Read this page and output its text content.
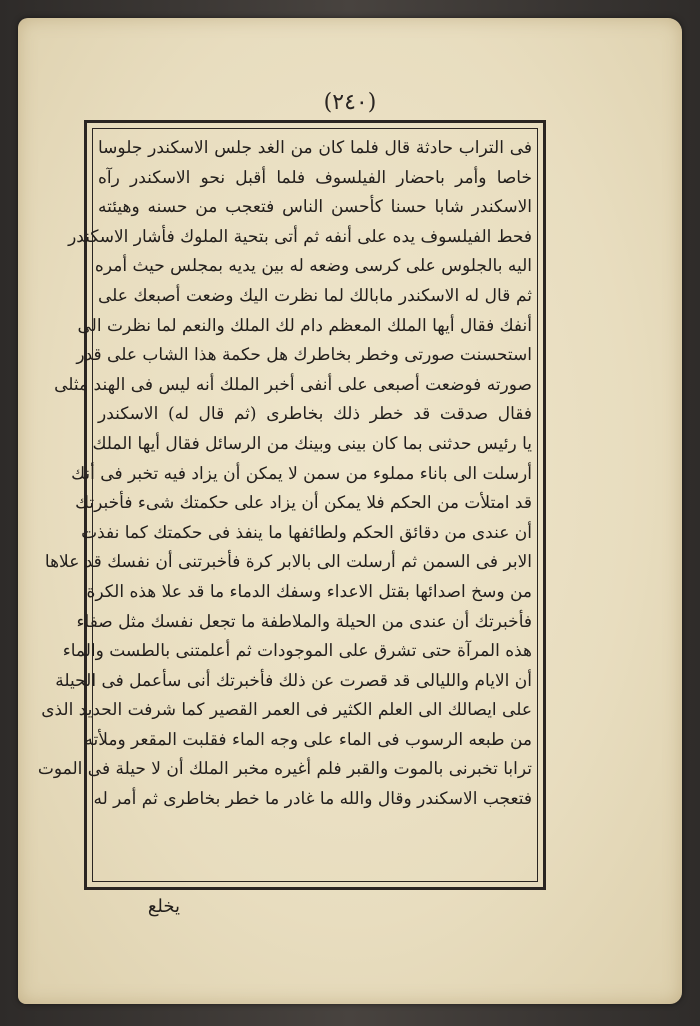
(٢٤٠)
فى التراب حادثة قال فلما كان من الغد جلس الاسكندر جلوسا
خاصا وأمر باحضار الفيلسوف فلما أقبل نحو الاسكندر رآه
الاسكندر شابا حسنا كأحسن الناس فتعجب من حسنه وهيئته
فحط الفيلسوف يده على أنفه ثم أتى بتحية الملوك فأشار الاسكندر
اليه بالجلوس على كرسى وضعه له بين يديه بمجلس حيث أمره
ثم قال له الاسكندر مابالك لما نظرت اليك وضعت أصبعك على
أنفك فقال أيها الملك المعظم دام لك الملك والنعم لما نظرت الى
استحسنت صورتى وخطر بخاطرك هل حكمة هذا الشاب على قدر
صورته فوضعت أصبعى على أنفى أخبر الملك أنه ليس فى الهند مثلى
فقال صدقت قد خطر ذلك بخاطرى (ثم قال له) الاسكندر
يا رئيس حدثنى بما كان بينى وبينك من الرسائل فقال أيها الملك
أرسلت الى باناء مملوء من سمن لا يمكن أن يزاد فيه تخبر فى أنك
قد امتلأت من الحكم فلا يمكن أن يزاد على حكمتك شىء فأخبرتك
أن عندى من دقائق الحكم ولطائفها ما ينفذ فى حكمتك كما نفذت
الابر فى السمن ثم أرسلت الى بالابر كرة فأخبرتنى أن نفسك قد علاها
من وسخ اصدائها بقتل الاعداء وسفك الدماء ما قد علا هذه الكرة
فأخبرتك أن عندى من الحيلة والملاطفة ما تجعل نفسك مثل صفاء
هذه المرآة حتى تشرق على الموجودات ثم أعلمتنى بالطست والماء
أن الايام والليالى قد قصرت عن ذلك فأخبرتك أنى سأعمل فى الحيلة
على ايصالك الى العلم الكثير فى العمر القصير كما شرفت الحديد الذى
من طبعه الرسوب فى الماء على وجه الماء فقلبت المقعر وملأته
ترابا تخبرنى بالموت والقبر فلم أغيره مخبر الملك أن لا حيلة فى الموت
فتعجب الاسكندر وقال والله ما غادر ما خطر بخاطرى ثم أمر له
يخلع
